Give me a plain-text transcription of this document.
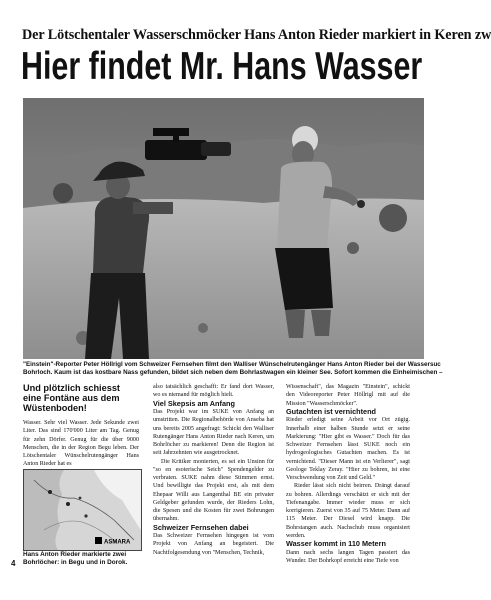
Der Lötschentaler Wasserschmöcker Hans Anton Rieder markiert in Keren zw
Hier findet Mr. Hans Wasser
"Einstein"-Reporter Peter Höllrigl vom Schweizer Fernsehen filmt den Walliser Wünschelrutengänger Hans Anton Rieder bei der Wassersuc
Bohrloch. Kaum ist das kostbare Nass gefunden, bildet sich neben dem Bohrlastwagen ein kleiner See. Sofort kommen die Einheimischen –
Und plötzlich schiesst eine Fontäne aus dem Wüstenboden!
Wasser. Sehr viel Wasser. Jede Sekunde zwei Liter. Das sind 170'000 Liter am Tag. Genug für zehn Dörfer. Genug für die über 9000 Menschen, die in der Region Begu leben. Der Lötschentaler Wünschelrutengänger Hans Anton Rieder hat es
ASMARA
Hans Anton Rieder markierte zwei Bohrlöcher: in Begu und in Dorok.
4
also tatsächlich geschafft: Er fand dort Wasser, wo es niemand für möglich hielt.
Viel Skepsis am Anfang
Das Projekt war im SUKE von Anfang an umstritten. Die Regionalbehörde von Anseba hat uns bereits 2005 angefragt: Schickt den Walliser Rutengänger Hans Anton Rieder nach Keren, um Bohrlöcher zu markieren! Denn die Region ist seit Jahrzehnten wie ausgetrocknet.
Die Kritiker monierten, es sei ein Unsinn für "so en esoterische Seich" Spendengelder zu verbraten. SUKE nahm diese Stimmen ernst. Und bewilligte das Projekt erst, als mit dem Ehepaar Willi aus Langenthal BE ein privater Geldgeber gefunden wurde, der Rieders Lohn, die Spesen und die Kosten für zwei Bohrungen übernahm.
Schweizer Fernsehen dabei
Das Schweizer Fernsehen hingegen ist vom Projekt von Anfang an begeistert. Die Nachtfolgesendung von "Menschen, Technik,
Wissenschaft", das Magazin "Einstein", schickt den Videoreporter Peter Höllrigl mit auf die Mission "Wasserschmöcker".
Gutachten ist vernichtend
Rieder erledigt seine Arbeit vor Ort zügig. Innerhalb einer halben Stunde setzt er seine Markierung: "Hier gibt es Wasser." Doch für das Schweizer Fernsehen lässt SUKE noch ein hydrogeologisches Gutachten machen. Es ist vernichtend. "Dieser Mann ist ein Verlierer", sagt Geologe Teklay Zeray. "Hier zu bohren, ist eine Verschwendung von Zeit und Geld."
Rieder lässt sich nicht beirren. Drängt darauf zu bohren. Allerdings verschätzt er sich mit der Tiefenangabe. Immer wieder muss er sich korrigieren. Zuerst von 35 auf 75 Meter. Dann auf 115 Meter. Der Diesel wird knapp. Die Bohrstangen auch. Nachschub muss organisiert werden.
Wasser kommt in 110 Metern
Dann nach sechs langen Tagen passiert das Wunder. Der Bohrkopf erreicht eine Tiefe von
